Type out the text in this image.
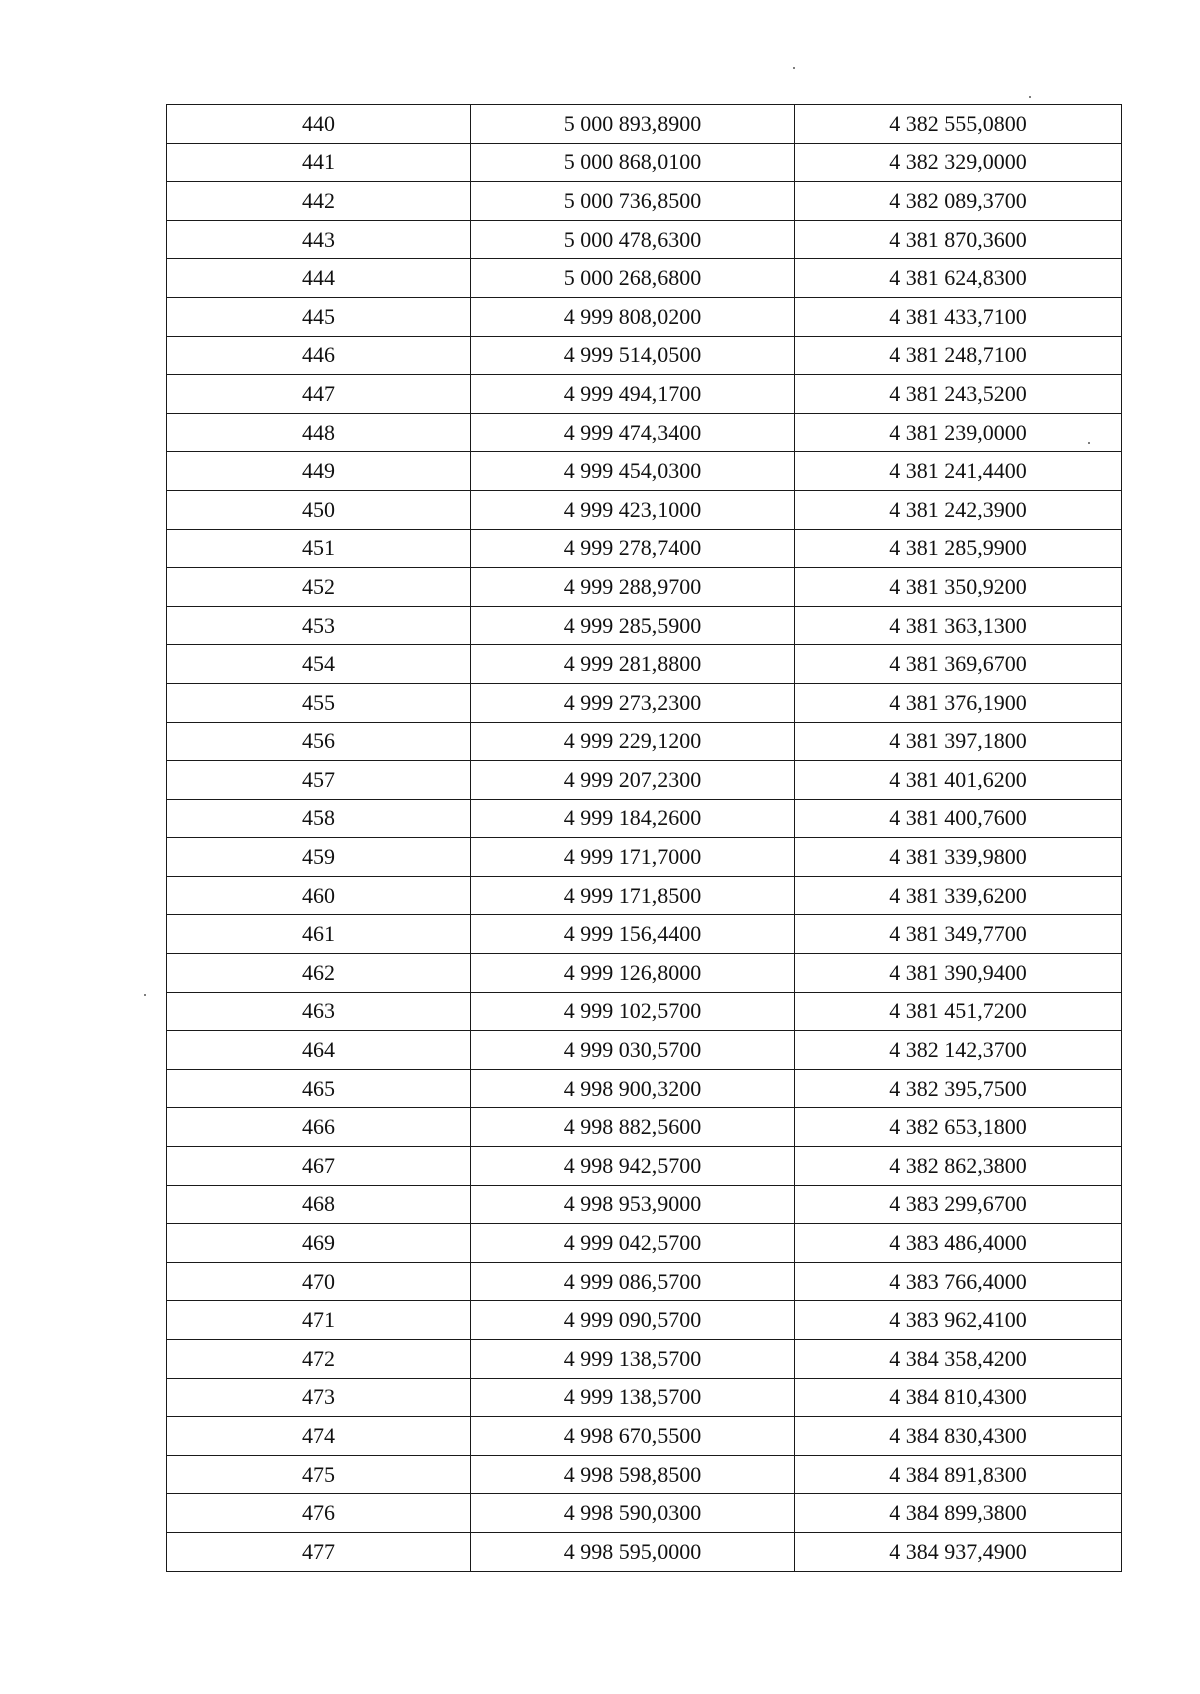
440	5 000 893,8900	4 382 555,0800
441	5 000 868,0100	4 382 329,0000
442	5 000 736,8500	4 382 089,3700
443	5 000 478,6300	4 381 870,3600
444	5 000 268,6800	4 381 624,8300
445	4 999 808,0200	4 381 433,7100
446	4 999 514,0500	4 381 248,7100
447	4 999 494,1700	4 381 243,5200
448	4 999 474,3400	4 381 239,0000
449	4 999 454,0300	4 381 241,4400
450	4 999 423,1000	4 381 242,3900
451	4 999 278,7400	4 381 285,9900
452	4 999 288,9700	4 381 350,9200
453	4 999 285,5900	4 381 363,1300
454	4 999 281,8800	4 381 369,6700
455	4 999 273,2300	4 381 376,1900
456	4 999 229,1200	4 381 397,1800
457	4 999 207,2300	4 381 401,6200
458	4 999 184,2600	4 381 400,7600
459	4 999 171,7000	4 381 339,9800
460	4 999 171,8500	4 381 339,6200
461	4 999 156,4400	4 381 349,7700
462	4 999 126,8000	4 381 390,9400
463	4 999 102,5700	4 381 451,7200
464	4 999 030,5700	4 382 142,3700
465	4 998 900,3200	4 382 395,7500
466	4 998 882,5600	4 382 653,1800
467	4 998 942,5700	4 382 862,3800
468	4 998 953,9000	4 383 299,6700
469	4 999 042,5700	4 383 486,4000
470	4 999 086,5700	4 383 766,4000
471	4 999 090,5700	4 383 962,4100
472	4 999 138,5700	4 384 358,4200
473	4 999 138,5700	4 384 810,4300
474	4 998 670,5500	4 384 830,4300
475	4 998 598,8500	4 384 891,8300
476	4 998 590,0300	4 384 899,3800
477	4 998 595,0000	4 384 937,4900
